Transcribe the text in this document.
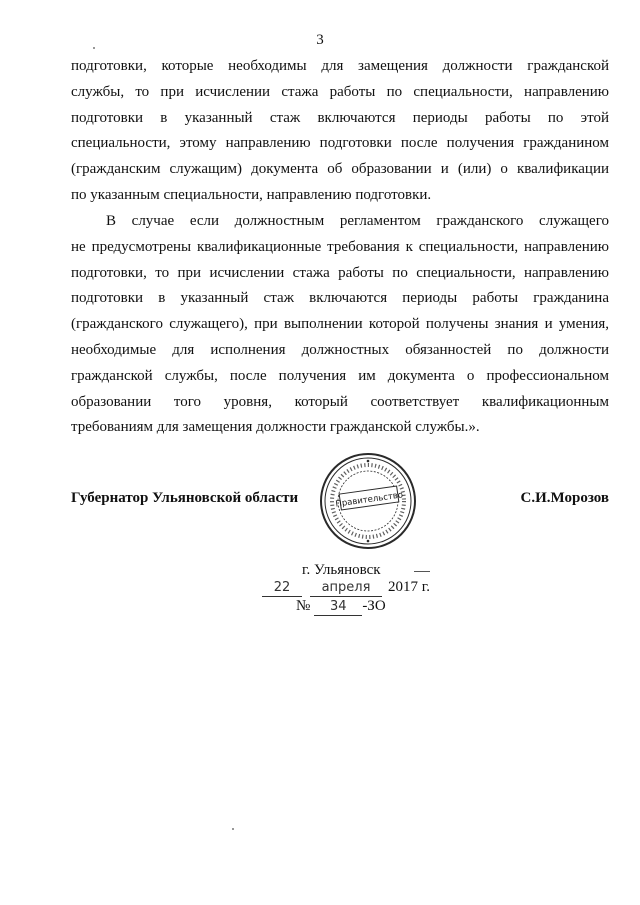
3
подготовки, которые необходимы для замещения должности гражданской
службы, то при исчислении стажа работы по специальности, направлению
подготовки в указанный стаж включаются периоды работы по этой
специальности, этому направлению подготовки после получения гражданином
(гражданским служащим) документа об образовании и (или) о квалификации
по указанным специальности, направлению подготовки.
В случае если должностным регламентом гражданского служащего
не предусмотрены квалификационные требования к специальности, направлению
подготовки, то при исчислении стажа работы по специальности, направлению
подготовки в указанный стаж включаются периоды работы гражданина
(гражданского служащего), при выполнении которой получены знания и умения,
необходимые для исполнения должностных обязанностей по должности
гражданской службы, после получения им документа о профессиональном
образовании того уровня, который соответствует квалификационным
требованиям для замещения должности гражданской службы.».
Губернатор Ульяновской области	С.И.Морозов
Правительство
г. Ульяновск
22 апреля 2017 г.
№ 34 -ЗО
